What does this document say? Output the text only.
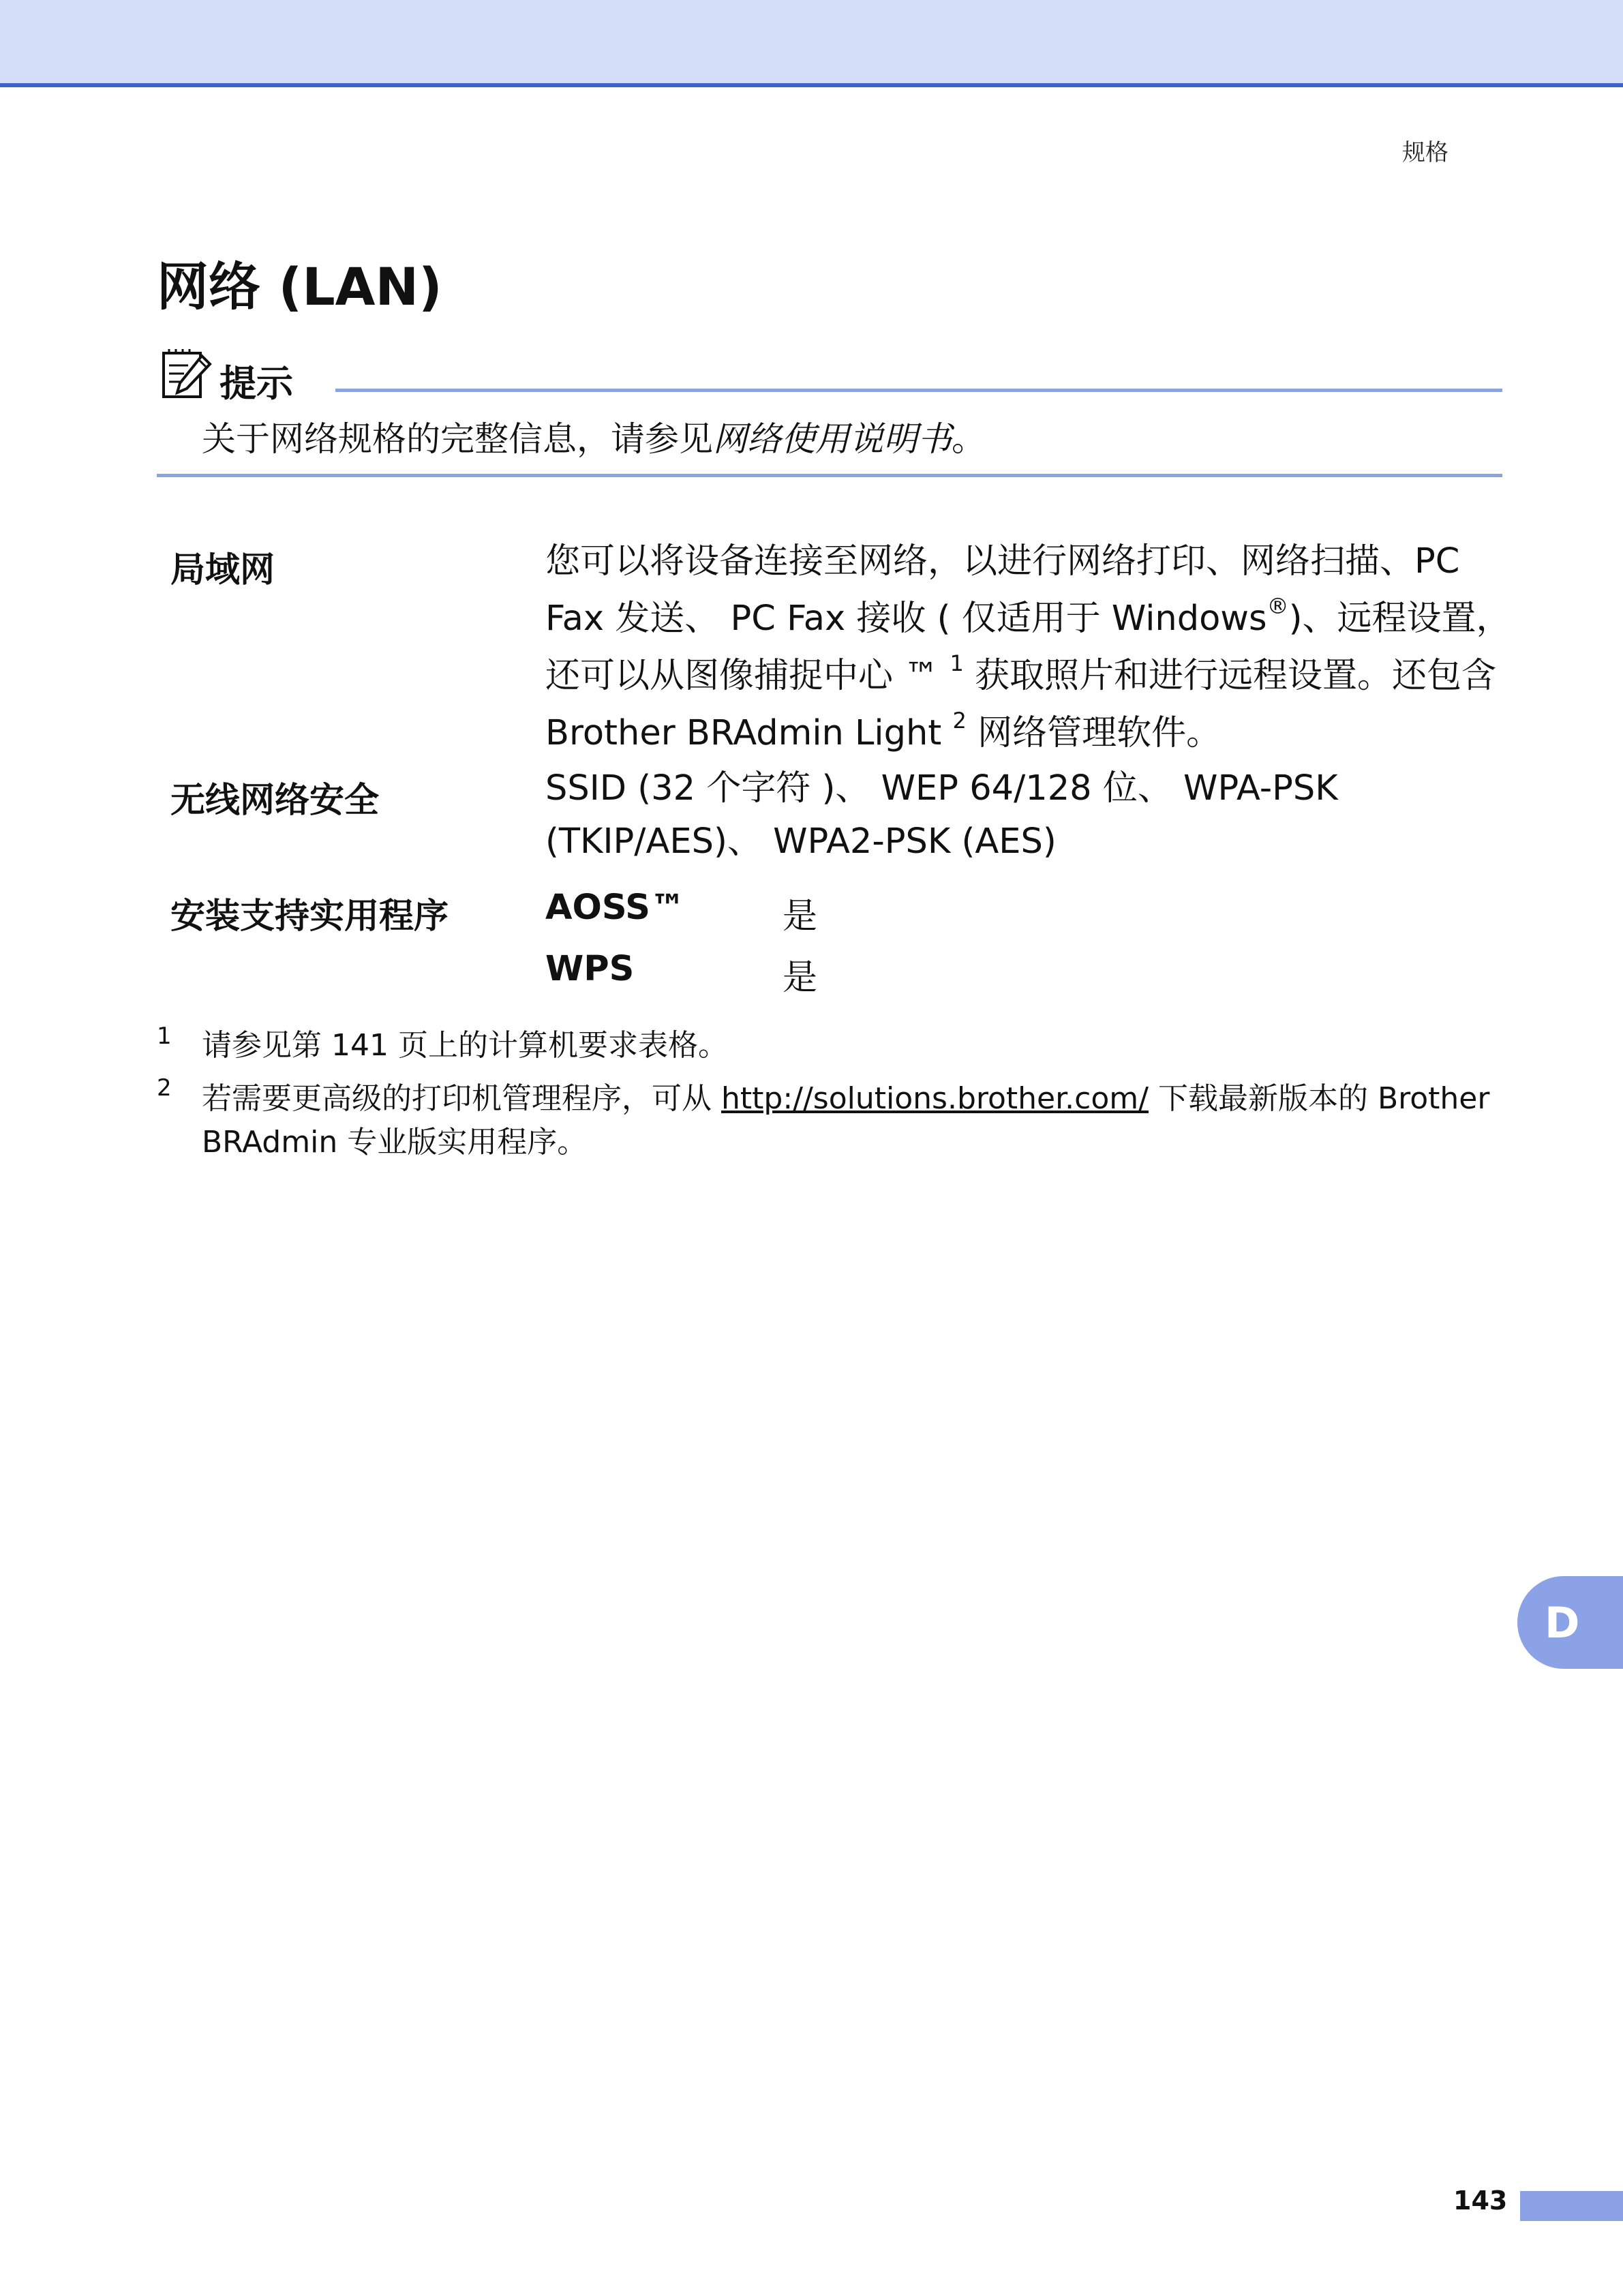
规格
网络 (LAN)
提示
关于网络规格的完整信息，请参见网络使用说明书。
局域网	您可以将设备连接至网络，以进行网络打印、网络扫描、PC Fax 发送、 PC Fax 接收 ( 仅适用于 Windows®)、远程设置，还可以从图像捕捉中心 ™ $^1$ 获取照片和进行远程设置。还包含 Brother BRAdmin Light $^2$ 网络管理软件。
无线网络安全	SSID (32 个字符 )、 WEP 64/128 位、 WPA-PSK (TKIP/AES)、 WPA2-PSK (AES)
安装支持实用程序	AOSS™	是
WPS	是
1 请参见第 141 页上的计算机要求表格。
2 若需要更高级的打印机管理程序，可从 http://solutions.brother.com/ 下载最新版本的 Brother BRAdmin 专业版实用程序。
D
143
